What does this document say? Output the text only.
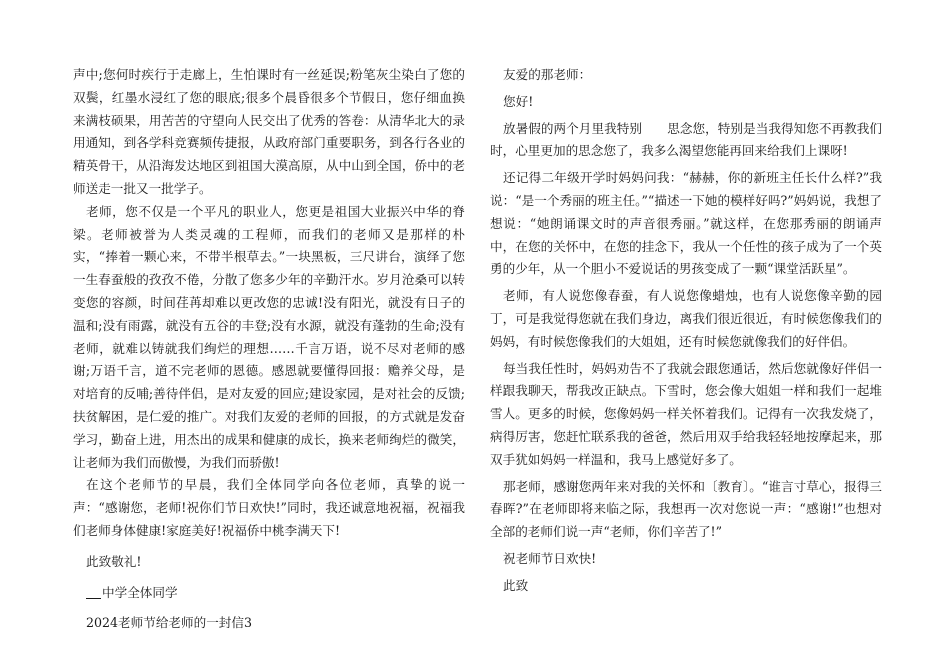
声中;您何时疾行于走廊上，生怕课时有一丝延误;粉笔灰尘染白了您的双鬓，红墨水浸红了您的眼底;很多个晨昏很多个节假日，您仔细血换来满枝硕果，用苦苦的守望向人民交出了优秀的答卷：从清华北大的录用通知，到各学科竞赛频传捷报，从政府部门重要职务，到各行各业的精英骨干，从沿海发达地区到祖国大漠高原，从中山到全国，侨中的老师送走一批又一批学子。

老师，您不仅是一个平凡的职业人，您更是祖国大业振兴中华的脊梁。老师被誉为人类灵魂的工程师，而我们的老师又是那样的朴实，“捧着一颗心来，不带半根草去。”一块黑板，三尺讲台，演绎了您一生春蚕般的孜孜不倦，分散了您多少年的辛勤汗水。岁月沧桑可以转变您的容颜，时间荏苒却难以更改您的忠诚!没有阳光，就没有日子的温和;没有雨露，就没有五谷的丰登;没有水源，就没有蓬勃的生命;没有老师，就难以铸就我们绚烂的理想……千言万语，说不尽对老师的感谢;万语千言，道不完老师的恩德。感恩就要懂得回报：赡养父母，是对培育的反哺;善待伴侣，是对友爱的回应;建设家园，是对社会的反馈;扶贫解困，是仁爱的推广。对我们友爱的老师的回报，的方式就是发奋学习，勤奋上进，用杰出的成果和健康的成长，换来老师绚烂的微笑，让老师为我们而傲慢，为我们而骄傲!

在这个老师节的早晨，我们全体同学向各位老师，真挚的说一声：“感谢您，老师!祝你们节日欢快!”同时，我还诚意地祝福，祝福我们老师身体健康!家庭美好!祝福侨中桃李满天下!

此致敬礼!

中学全体同学

2024老师节给老师的一封信3

友爱的那老师：

您好!

放暑假的两个月里我特别　　思念您，特别是当我得知您不再教我们时，心里更加的思念您了，我多么渴望您能再回来给我们上课呀!

还记得二年级开学时妈妈问我：“赫赫，你的新班主任长什么样?”我说：“是一个秀丽的班主任。”“描述一下她的模样好吗?”妈妈说，我想了想说：“她朗诵课文时的声音很秀丽。”就这样，在您那秀丽的朗诵声中，在您的关怀中，在您的挂念下，我从一个任性的孩子成为了一个英勇的少年，从一个胆小不爱说话的男孩变成了一颗“课堂活跃星”。

老师，有人说您像春蚕，有人说您像蜡烛，也有人说您像辛勤的园丁，可是我觉得您就在我们身边，离我们很近很近，有时候您像我们的妈妈，有时候您像我们的大姐姐，还有时候您就像我们的好伴侣。

每当我任性时，妈妈劝告不了我就会跟您通话，然后您就像好伴侣一样跟我聊天，帮我改正缺点。下雪时，您会像大姐姐一样和我们一起堆雪人。更多的时候，您像妈妈一样关怀着我们。记得有一次我发烧了，病得厉害，您赶忙联系我的爸爸，然后用双手给我轻轻地按摩起来，那双手犹如妈妈一样温和，我马上感觉好多了。

那老师，感谢您两年来对我的关怀和〔教育〕。“谁言寸草心，报得三春晖?”在老师即将来临之际，我想再一次对您说一声：“感谢!”也想对全部的老师们说一声“老师，你们辛苦了!”

祝老师节日欢快!

此致
